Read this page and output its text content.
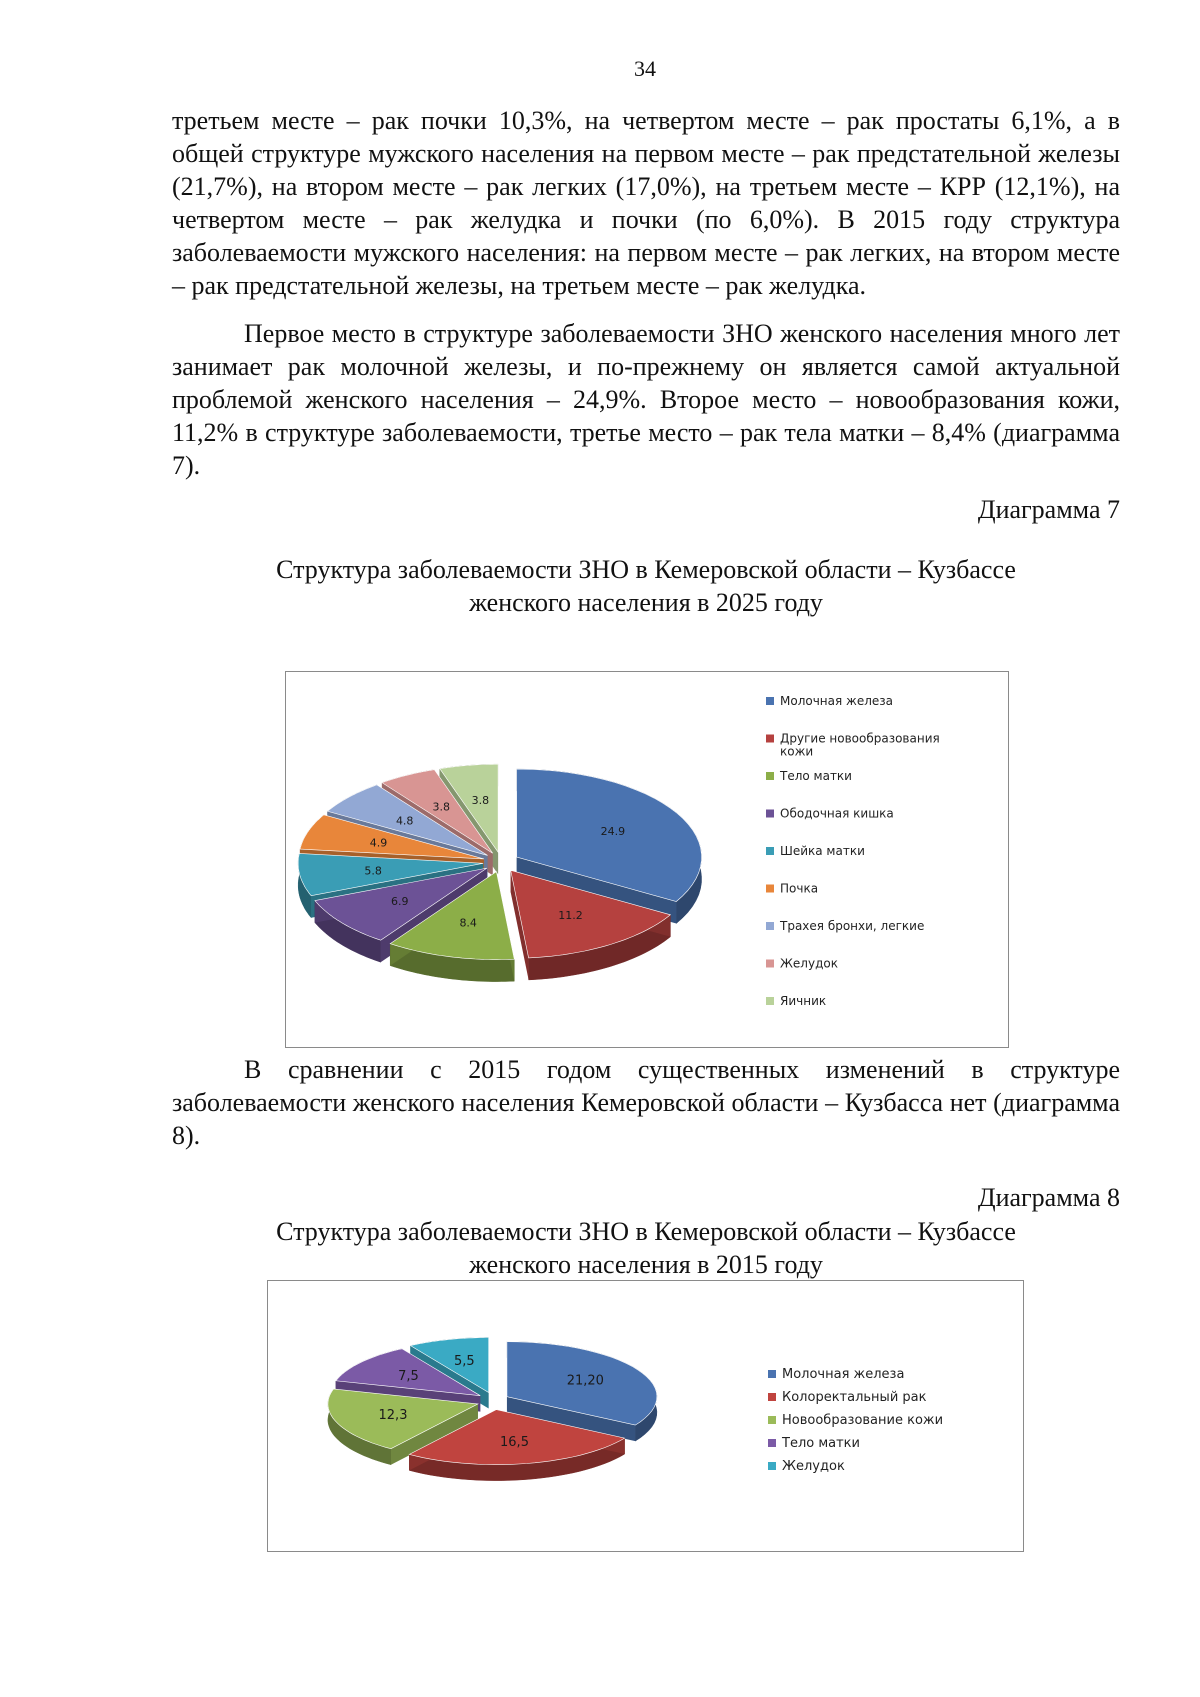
34

третьем месте – рак почки 10,3%, на четвертом месте – рак простаты 6,1%, а в общей структуре мужского населения на первом месте – рак предстательной железы (21,7%), на втором месте – рак легких (17,0%), на третьем месте – КРР (12,1%), на четвертом месте – рак желудка и почки (по 6,0%). В 2015 году структура заболеваемости мужского населения: на первом месте – рак легких, на втором месте – рак предстательной железы, на третьем месте – рак желудка.

Первое место в структуре заболеваемости ЗНО женского населения много лет занимает рак молочной железы, и по-прежнему он является самой актуальной проблемой женского населения – 24,9%. Второе место – новообразования кожи, 11,2% в структуре заболеваемости, третье место – рак тела матки – 8,4% (диаграмма 7).

Диаграмма 7
Структура заболеваемости ЗНО в Кемеровской области – Кузбассе
женского населения в 2025 году
3.8
3.8
4.8
24.9
4.9
5.8
6.9
11.2
8.4
Молочная железа
Другие новообразования кожи
Тело матки
Ободочная кишка
Шейка матки
Почка
Трахея бронхи, легкие
Желудок
Яичник

В сравнении с 2015 годом существенных изменений в структуре заболеваемости женского населения Кемеровской области – Кузбасса нет (диаграмма 8).

Диаграмма 8
Структура заболеваемости ЗНО в Кемеровской области – Кузбассе
женского населения в 2015 году
5,5
7,5	21,20
12,3
16,5
Молочная железа
Колоректальный рак
Новообразование кожи
Тело матки
Желудок
